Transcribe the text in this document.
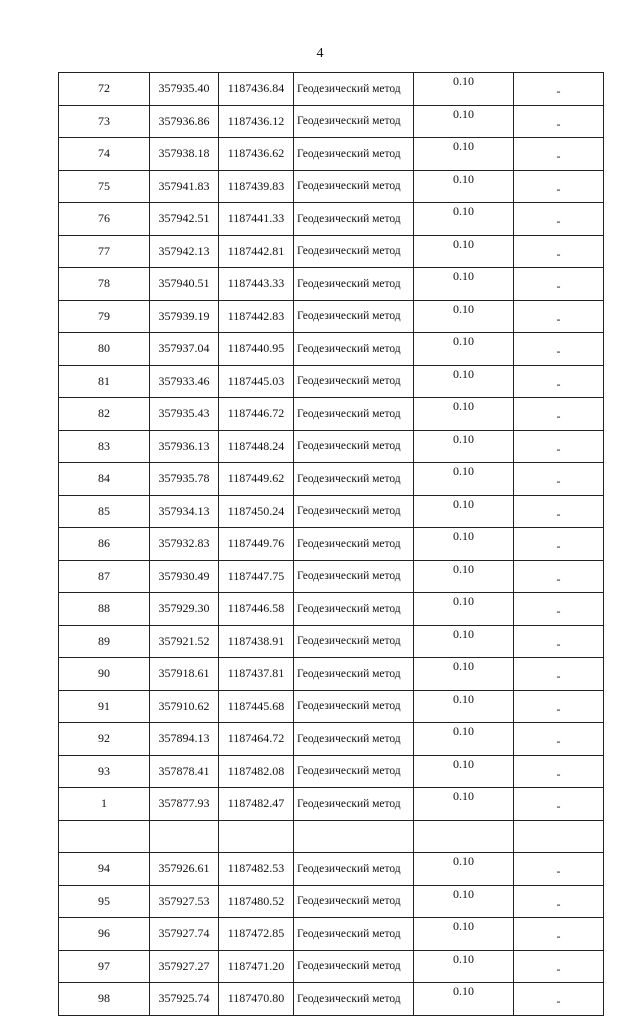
4
72	357935.40	1187436.84	Геодезический метод	0.10	-
73	357936.86	1187436.12	Геодезический метод	0.10	-
74	357938.18	1187436.62	Геодезический метод	0.10	-
75	357941.83	1187439.83	Геодезический метод	0.10	-
76	357942.51	1187441.33	Геодезический метод	0.10	-
77	357942.13	1187442.81	Геодезический метод	0.10	-
78	357940.51	1187443.33	Геодезический метод	0.10	-
79	357939.19	1187442.83	Геодезический метод	0.10	-
80	357937.04	1187440.95	Геодезический метод	0.10	-
81	357933.46	1187445.03	Геодезический метод	0.10	-
82	357935.43	1187446.72	Геодезический метод	0.10	-
83	357936.13	1187448.24	Геодезический метод	0.10	-
84	357935.78	1187449.62	Геодезический метод	0.10	-
85	357934.13	1187450.24	Геодезический метод	0.10	-
86	357932.83	1187449.76	Геодезический метод	0.10	-
87	357930.49	1187447.75	Геодезический метод	0.10	-
88	357929.30	1187446.58	Геодезический метод	0.10	-
89	357921.52	1187438.91	Геодезический метод	0.10	-
90	357918.61	1187437.81	Геодезический метод	0.10	-
91	357910.62	1187445.68	Геодезический метод	0.10	-
92	357894.13	1187464.72	Геодезический метод	0.10	-
93	357878.41	1187482.08	Геодезический метод	0.10	-
1	357877.93	1187482.47	Геодезический метод	0.10	-

94	357926.61	1187482.53	Геодезический метод	0.10	-
95	357927.53	1187480.52	Геодезический метод	0.10	-
96	357927.74	1187472.85	Геодезический метод	0.10	-
97	357927.27	1187471.20	Геодезический метод	0.10	-
98	357925.74	1187470.80	Геодезический метод	0.10	-
